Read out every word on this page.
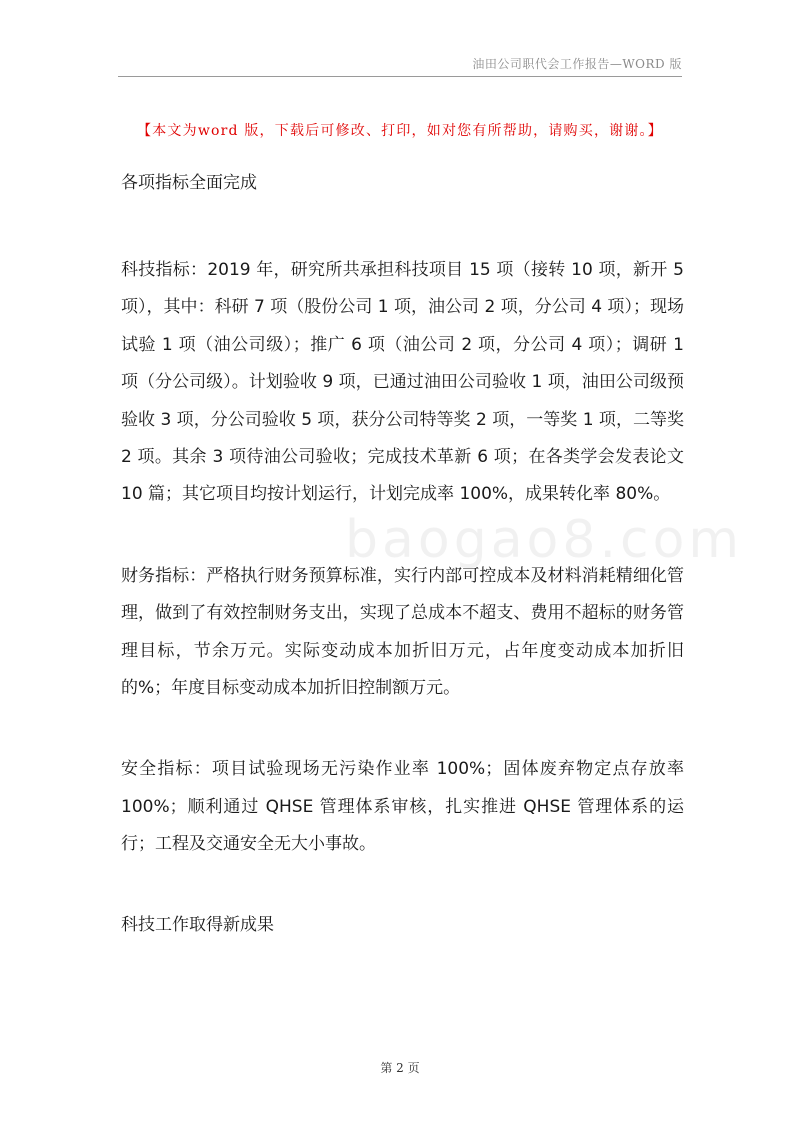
油田公司职代会工作报告—WORD 版
【本文为word 版，下载后可修改、打印，如对您有所帮助，请购买，谢谢。】
baogao8.com

各项指标全面完成

科技指标：2019 年，研究所共承担科技项目 15 项（接转 10 项，新开 5 项），其中：科研 7 项（股份公司 1 项，油公司 2 项，分公司 4 项）；现场试验 1 项（油公司级）；推广 6 项（油公司 2 项，分公司 4 项）；调研 1 项（分公司级）。计划验收 9 项，已通过油田公司验收 1 项，油田公司级预验收 3 项，分公司验收 5 项，获分公司特等奖 2 项，一等奖 1 项，二等奖 2 项。其余 3 项待油公司验收；完成技术革新 6 项；在各类学会发表论文 10 篇；其它项目均按计划运行，计划完成率 100%，成果转化率 80%。

财务指标：严格执行财务预算标准，实行内部可控成本及材料消耗精细化管理，做到了有效控制财务支出，实现了总成本不超支、费用不超标的财务管理目标，节余万元。实际变动成本加折旧万元，占年度变动成本加折旧的%；年度目标变动成本加折旧控制额万元。

安全指标：项目试验现场无污染作业率 100%；固体废弃物定点存放率 100%；顺利通过 QHSE 管理体系审核，扎实推进 QHSE 管理体系的运行；工程及交通安全无大小事故。

科技工作取得新成果

第 2 页
